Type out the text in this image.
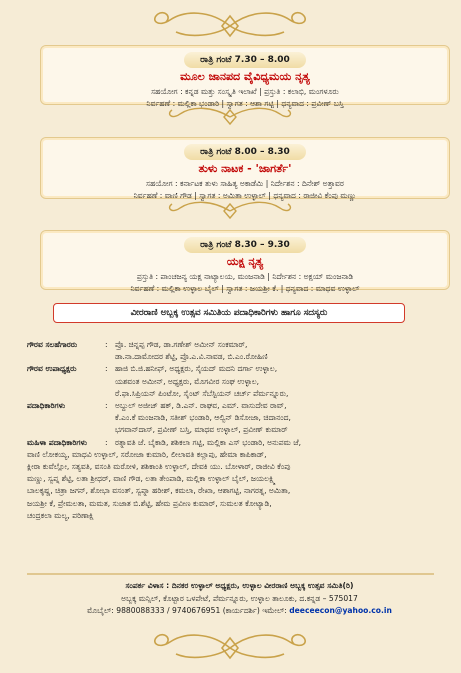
ರಾತ್ರಿ ಗಂಟೆ 7.30 – 8.00
ಮೂಲ ಜಾನಪದ ವೈವಿಧ್ಯಮಯ ನೃತ್ಯ
ಸಹಯೋಗ : ಕನ್ನಡ ಮತ್ತು ಸಂಸ್ಕೃತಿ ಇಲಾಖೆ | ಪ್ರಸ್ತುತಿ : ಕಲಾಭಿ, ಮಂಗಳೂರು
ನಿರ್ವಹಣೆ : ಮಲ್ಲಿಕಾ ಭಂಡಾರಿ | ಸ್ವಾಗತ : ಆಶಾ ಗಟ್ಟಿ | ಧನ್ಯವಾದ : ಪ್ರವೀಣ್ ಬಸ್ತಿ
ರಾತ್ರಿ ಗಂಟೆ 8.00 – 8.30
ತುಳು ನಾಟಕ - 'ಜಾಗರ್ತೆ'
ಸಹಯೋಗ : ಕರ್ನಾಟಕ ತುಳು ಸಾಹಿತ್ಯ ಅಕಾಡೆಮಿ | ನಿರ್ದೇಶನ : ದಿನೇಶ್ ಅತ್ತಾವರ
ನಿರ್ವಹಣೆ : ವಾಣಿ ಗೌಡ | ಸ್ವಾಗತ : ಅಮಿತಾ ಉಳ್ಳಾಲ್ | ಧನ್ಯವಾದ : ರಾಜೀವಿ ಕೆಂಪು ಮಣ್ಣು
ರಾತ್ರಿ ಗಂಟೆ 8.30 – 9.30
ಯಕ್ಷ ನೃತ್ಯ
ಪ್ರಸ್ತುತಿ : ಪಾಂಚಜನ್ಯ ಯಕ್ಷ ನಾಟ್ಯಾಲಯ, ಮಂಜನಾಡಿ | ನಿರ್ದೇಶನ : ಅಕ್ಷಯ್ ಮಂಜನಾಡಿ
ನಿರ್ವಹಣೆ : ಮಲ್ಲಿಕಾ ಉಳ್ಳಾಲ ಬೈಲ್ | ಸ್ವಾಗತ : ಜಯಶ್ರೀ ಕೆ. | ಧನ್ಯವಾದ : ಮಾಧವ ಉಳ್ಳಾಲ್
ವೀರರಾಣಿ ಅಬ್ಬಕ್ಕ ಉತ್ಸವ ಸಮಿತಿಯ ಪದಾಧಿಕಾರಿಗಳು ಹಾಗೂ ಸದಸ್ಯರು
ಗೌರವ ಸಲಹೆಗಾರರು	: ಪ್ರೊ. ಚಿನ್ನಪ್ಪ ಗೌಡ, ಡಾ.ಗಣೇಶ್ ಅಮೀನ್ ಸಂಕಮಾರ್,
ಡಾ.ನಾ.ದಾಮೋದರ ಶೆಟ್ಟಿ, ಪ್ರೊ.ಎ.ವಿ.ನಾವಡ, ಬಿ.ಎಂ.ರೋಹಿಣಿ
ಗೌರವ ಉಪಾಧ್ಯಕ್ಷರು	: ಹಾಜಿ ಬಿ.ಜಿ.ಹನೀಫ್, ಅಧ್ಯಕ್ಷರು, ಸೈಯದ್ ಮದನಿ ದರ್ಗಾ ಉಳ್ಳಾಲ,
ಯಶವಂತ ಅಮೀನ್, ಅಧ್ಯಕ್ಷರು, ಮೊಗವೀರ ಸಂಘ ಉಳ್ಳಾಲ,
ರೆ.ಫಾ.ಸಿಪ್ರಿಯನ್ ಪಿಂಟೋ, ಸೈಂಟ್ ಸೆಬೆಸ್ಟಿಯನ್ ಚರ್ಚ್ ಪೆರ್ಮನ್ನೂರು,
ಪದಾಧಿಕಾರಿಗಳು	: ಅಬ್ದುಲ್ ಅಜೀಜ್ ಹಕ್, ಡಿ.ಎನ್. ರಾಘವ, ಎಮ್. ವಾಸುದೇವ ರಾವ್,
ಕೆ.ಎಂ.ಕೆ ಮಂಜನಾಡಿ, ಸತೀಶ್ ಭಂಡಾರಿ, ಆಲ್ವಿನ್ ಡಿಸೋಜಾ, ಚಿದಾನಂದ,
ಭಗವಾನ್‌ದಾಸ್, ಪ್ರವೀಣ್ ಬಸ್ತಿ, ಮಾಧವ ಉಳ್ಳಾಲ್, ಪ್ರವೀಣ್ ಕುಮಾರ್
ಮಹಿಳಾ ಪದಾಧಿಕಾರಿಗಳು	: ರತ್ನಾವತಿ ಜೆ. ಬೈಕಾಡಿ, ಶಶಿಕಲಾ ಗಟ್ಟಿ, ಮಲ್ಲಿಕಾ ಎಸ್ ಭಂಡಾರಿ, ಅನುಪಮ ಜೆ,
ವಾಣಿ ಲೋಕಯ್ಯ, ಮಾಧವಿ ಉಳ್ಳಾಲ್, ಸರೋಜಾ ಕುಮಾರಿ, ಲೀಲಾವತಿ ಕಲ್ಲಾಪು, ಹೇಮಾ ಕಾಪಿಕಾಡ್,
ಕ್ಲೀರಾ ಕುವೆಲ್ಲೋ, ಸತ್ಯವತಿ, ವಸಂತಿ ಮರೋಳಿ, ಶಶಿಕಾಂತಿ ಉಳ್ಳಾಲ್, ದೇವಕಿ ಯು. ಬೋಳಾರ್, ರಾಜೀವಿ ಕೆಂಪು
ಮಣ್ಣು, ಸ್ವಪ್ನ ಶೆಟ್ಟಿ, ಲತಾ ಶ್ರೀಧರ್, ವಾಣಿ ಗೌಡ, ಲತಾ ತೇಂಪಾಡಿ, ಮಲ್ಲಿಕಾ ಉಳ್ಳಾಲ್ ಬೈಲ್, ಜಯಲಕ್ಷ್ಮಿ
ಬಾಲಕೃಷ್ಣ, ಚಿತ್ರಾ ಜಗನ್, ಶೋಭಾ ವಸಂತ್, ಸ್ವಪ್ನಾ ಹರೀಶ್, ಕಮಲಾ, ರೇಖಾ, ಆಶಾಗಟ್ಟಿ, ನಾಗರತ್ನ, ಅಮಿತಾ,
ಜಯಶ್ರೀ ಕೆ, ಪ್ರೇಮಲತಾ, ಮಮತ, ಸುಜಾತ ಬಿ.ಶೆಟ್ಟಿ, ಹೇಮ ಪ್ರವೀಣ ಕುಮಾರ್, ಸುಮಲತ ಕೋಟ್ಯಾಡಿ,
ಚಂದ್ರಕಲಾ ಮಲ್ಯ, ಪರಿಣಾಕ್ಷಿ
ಸಂಪರ್ಕ ವಿಳಾಸ : ದಿನಕರ ಉಳ್ಳಾಲ್ ಅಧ್ಯಕ್ಷರು, ಉಳ್ಳಾಲ ವೀರರಾಣಿ ಅಬ್ಬಕ್ಕ ಉತ್ಸವ ಸಮಿತಿ(ರಿ)
ಅಬ್ಬಕ್ಕ ಮನ್ಸಿಲ್, ಕೊಟ್ಟಾರ ಒಳಪೇಟೆ, ಪೆರ್ಮನ್ನೂರು, ಉಳ್ಳಾಲ ತಾಲೂಕು, ದ.ಕನ್ನಡ – 575017
ಮೊಬೈಲ್: 9880088333 / 9740676951 (ಕಾರ್ಯದರ್ಶಿ) ಇಮೇಲ್: deeceecon@yahoo.co.in
